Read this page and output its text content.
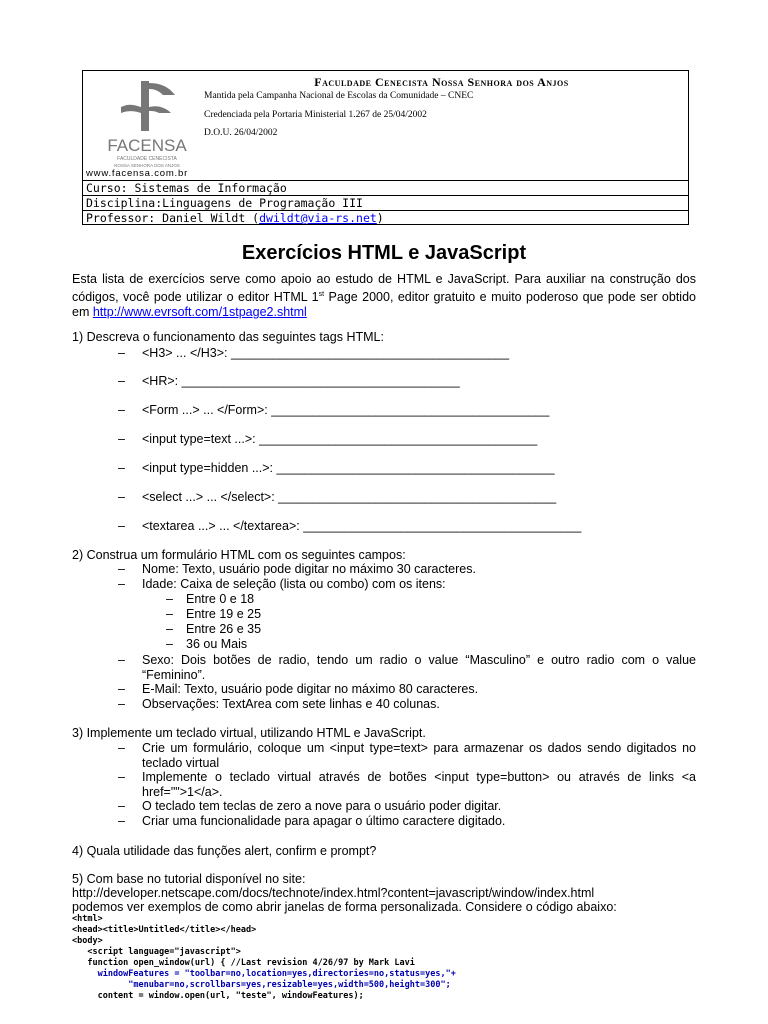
FACENSA
FACULDADE CENECISTA
NOSSA SENHORA DOS ANJOS
Faculdade Cenecista Nossa Senhora dos Anjos
Mantida pela Campanha Nacional de Escolas da Comunidade – CNEC
Credenciada pela Portaria Ministerial 1.267 de 25/04/2002
D.O.U. 26/04/2002
www.facensa.com.br
Curso: Sistemas de Informação
Disciplina:Linguagens de Programação III
Professor: Daniel Wildt (dwildt@via-rs.net)
Exercícios HTML e JavaScript
Esta lista de exercícios serve como apoio ao estudo de HTML e JavaScript. Para auxiliar na construção dos códigos, você pode utilizar o editor HTML 1st Page 2000, editor gratuito e muito poderoso que pode ser obtido em http://www.evrsoft.com/1stpage2.shtml
1) Descreva o funcionamento das seguintes tags HTML:
– <H3> ... </H3>: ________________________________________
– <HR>: ________________________________________
– <Form ...> ... </Form>: ________________________________________
– <input type=text ...>: ________________________________________
– <input type=hidden ...>: ________________________________________
– <select ...> ... </select>: ________________________________________
– <textarea ...> ... </textarea>: ________________________________________
2) Construa um formulário HTML com os seguintes campos:
– Nome: Texto, usuário pode digitar no máximo 30 caracteres.
– Idade: Caixa de seleção (lista ou combo) com os itens:
– Entre 0 e 18
– Entre 19 e 25
– Entre 26 e 35
– 36 ou Mais
–	Sexo: Dois botões de radio, tendo um radio o value “Masculino” e outro radio com o value “Feminino”.
– E-Mail: Texto, usuário pode digitar no máximo 80 caracteres.
– Observações: TextArea com sete linhas e 40 colunas.
3) Implemente um teclado virtual, utilizando HTML e JavaScript.
–	Crie um formulário, coloque um <input type=text> para armazenar os dados sendo digitados no teclado virtual
–	Implemente o teclado virtual através de botões <input type=button> ou através de links <a href="">1</a>.
– O teclado tem teclas de zero a nove para o usuário poder digitar.
– Criar uma funcionalidade para apagar o último caractere digitado.
4) Quala utilidade das funções alert, confirm e prompt?
5) Com base no tutorial disponível no site:
http://developer.netscape.com/docs/technote/index.html?content=javascript/window/index.html
podemos ver exemplos de como abrir janelas de forma personalizada. Considere o código abaixo:
<html>
<head><title>Untitled</title></head>
<body>
<script language="javascript">
function open_window(url) { //Last revision 4/26/97 by Mark Lavi
windowFeatures = "toolbar=no,location=yes,directories=no,status=yes,"+
"menubar=no,scrollbars=yes,resizable=yes,width=500,height=300";
content = window.open(url, "teste", windowFeatures);
